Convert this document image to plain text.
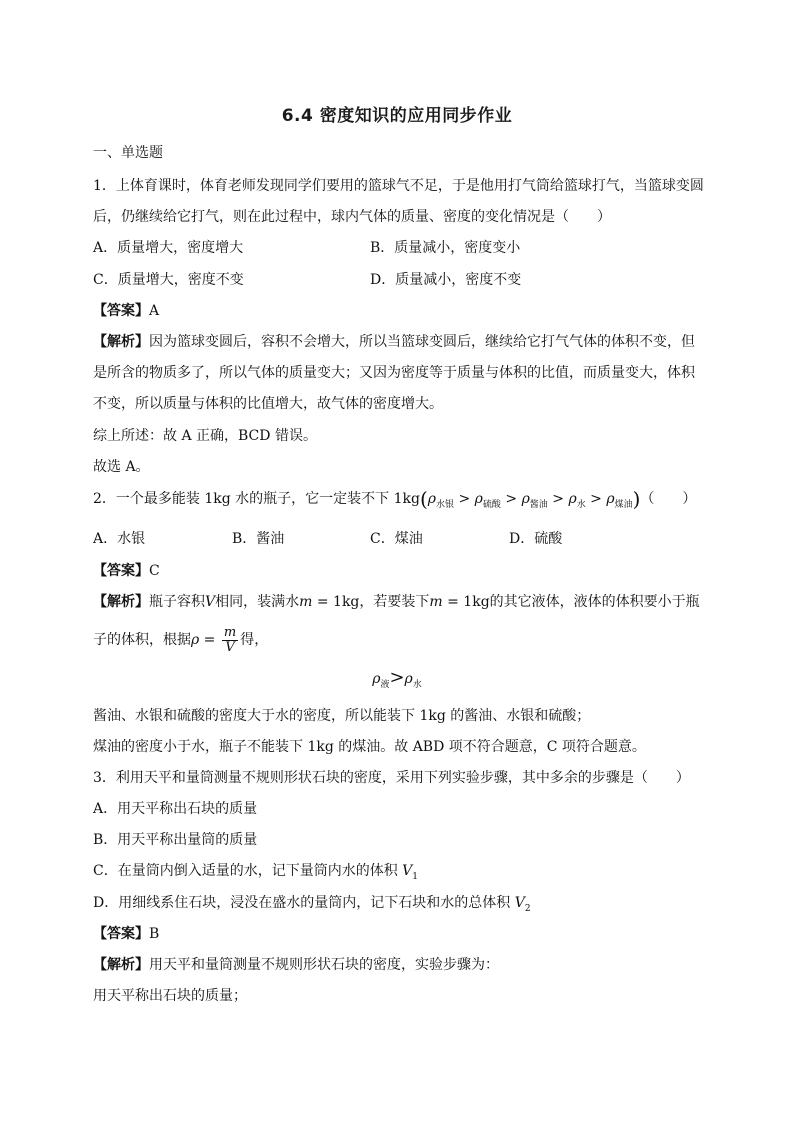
6.4 密度知识的应用同步作业
一、单选题
1．上体育课时，体育老师发现同学们要用的篮球气不足，于是他用打气筒给篮球打气，当篮球变圆
后，仍继续给它打气，则在此过程中，球内气体的质量、密度的变化情况是（　　）
A．质量增大，密度增大	B．质量减小，密度变小
C．质量增大，密度不变	D．质量减小，密度不变
【答案】A
【解析】因为篮球变圆后，容积不会增大，所以当篮球变圆后，继续给它打气气体的体积不变，但
是所含的物质多了，所以气体的质量变大；又因为密度等于质量与体积的比值，而质量变大，体积
不变，所以质量与体积的比值增大，故气体的密度增大。
综上所述：故 A 正确，BCD 错误。
故选 A。
2．一个最多能装 1kg 水的瓶子，它一定装不下 $1kg(\rho_{水银} > \rho_{硫酸} > \rho_{酱油} > \rho_水 > \rho_{煤油})$（　　）
A．水银	B．酱油	C．煤油	D．硫酸
【答案】C
【解析】瓶子容积V相同，装满水m = 1kg，若要装下m = 1kg的其它液体，液体的体积要小于瓶
子的体积，根据$\rho = \frac{m}{V}$ 得，
$\rho_液>\rho_水$
酱油、水银和硫酸的密度大于水的密度，所以能装下 1kg 的酱油、水银和硫酸；
煤油的密度小于水，瓶子不能装下 1kg 的煤油。故 ABD 项不符合题意，C 项符合题意。
3．利用天平和量筒测量不规则形状石块的密度，采用下列实验步骤，其中多余的步骤是（　　）
A．用天平称出石块的质量
B．用天平称出量筒的质量
C．在量筒内倒入适量的水，记下量筒内水的体积 $V_1$
D．用细线系住石块，浸没在盛水的量筒内，记下石块和水的总体积 $V_2$
【答案】B
【解析】用天平和量筒测量不规则形状石块的密度，实验步骤为：
用天平称出石块的质量；
